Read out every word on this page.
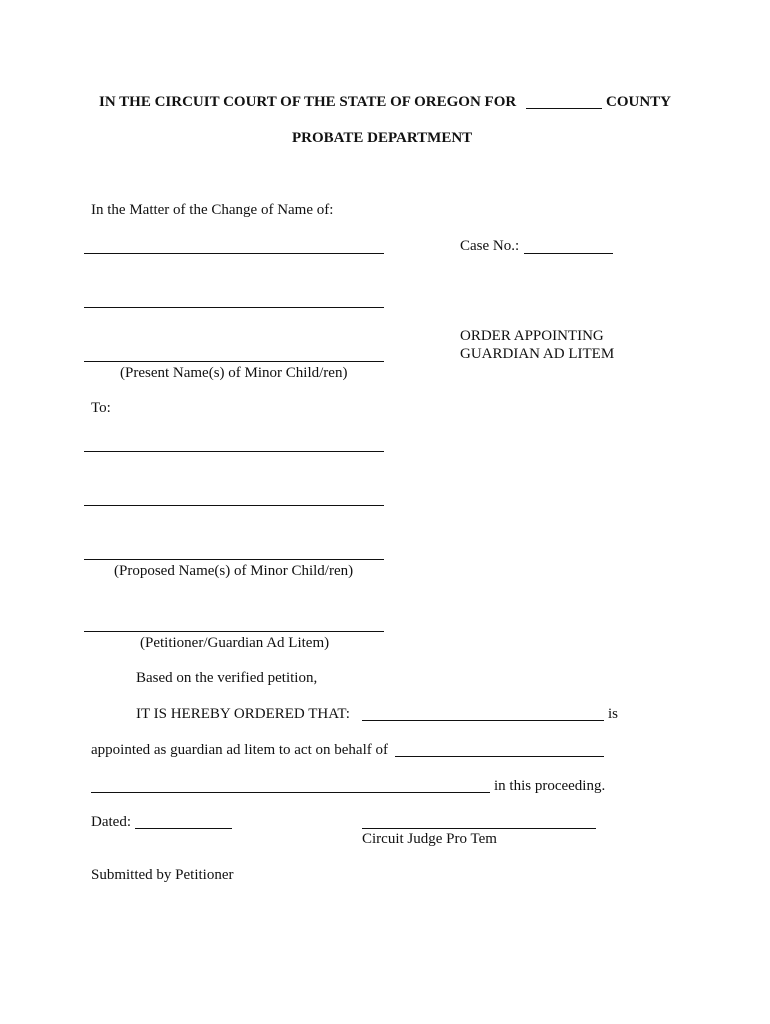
IN THE CIRCUIT COURT OF THE STATE OF OREGON FOR	COUNTY
PROBATE DEPARTMENT
In the Matter of the Change of Name of:
(Present Name(s) of Minor Child/ren)
To:
(Proposed Name(s) of Minor Child/ren)
(Petitioner/Guardian Ad Litem)
Case No.:
ORDER APPOINTING
GUARDIAN AD LITEM
Based on the verified petition,
IT IS HEREBY ORDERED THAT:	is
appointed as guardian ad litem to act on behalf of
in this proceeding.
Dated:
Circuit Judge Pro Tem
Submitted by Petitioner
